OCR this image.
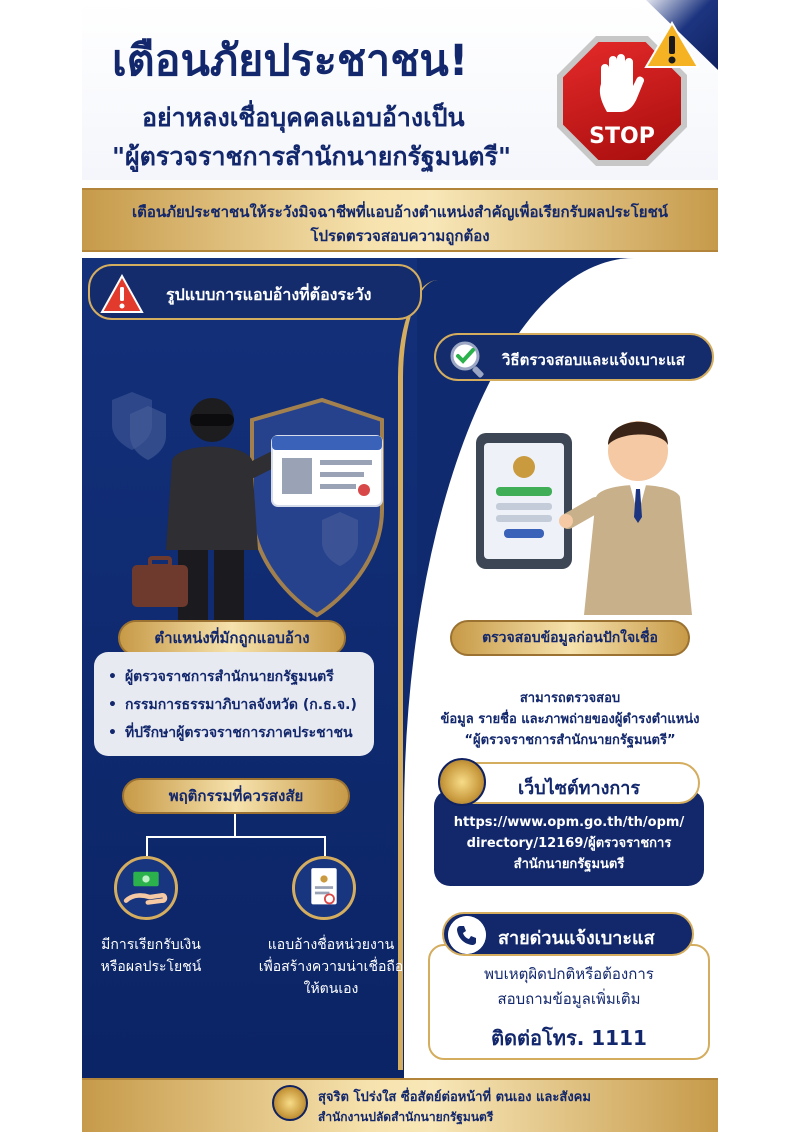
เตือนภัยประชาชน!
อย่าหลงเชื่อบุคคลแอบอ้างเป็น
"ผู้ตรวจราชการสำนักนายกรัฐมนตรี"
STOP

เตือนภัยประชาชนให้ระวังมิจฉาชีพที่แอบอ้างตำแหน่งสำคัญเพื่อเรียกรับผลประโยชน์

โปรดตรวจสอบความถูกต้อง

รูปแบบการแอบอ้างที่ต้องระวัง
วิธีตรวจสอบและแจ้งเบาะแส
ตำแหน่งที่มักถูกแอบอ้าง
• ผู้ตรวจราชการสำนักนายกรัฐมนตรี
• กรรมการธรรมาภิบาลจังหวัด (ก.ธ.จ.)
• ที่ปรึกษาผู้ตรวจราชการภาคประชาชน
พฤติกรรมที่ควรสงสัย
มีการเรียกรับเงิน
หรือผลประโยชน์
แอบอ้างชื่อหน่วยงาน
เพื่อสร้างความน่าเชื่อถือ
ให้ตนเอง
ตรวจสอบข้อมูลก่อนปักใจเชื่อ

สามารถตรวจสอบ

ข้อมูล รายชื่อ และภาพถ่ายของผู้ดำรงตำแหน่ง

“ผู้ตรวจราชการสำนักนายกรัฐมนตรี”

เว็บไซต์ทางการ

https://www.opm.go.th/th/opm/

directory/12169/ผู้ตรวจราชการ

สำนักนายกรัฐมนตรี

สายด่วนแจ้งเบาะแส

พบเหตุผิดปกติหรือต้องการ

สอบถามข้อมูลเพิ่มเติม

ติดต่อโทร. 1111
สุจริต โปร่งใส ซื่อสัตย์ต่อหน้าที่ ตนเอง และสังคม
สำนักงานปลัดสำนักนายกรัฐมนตรี
